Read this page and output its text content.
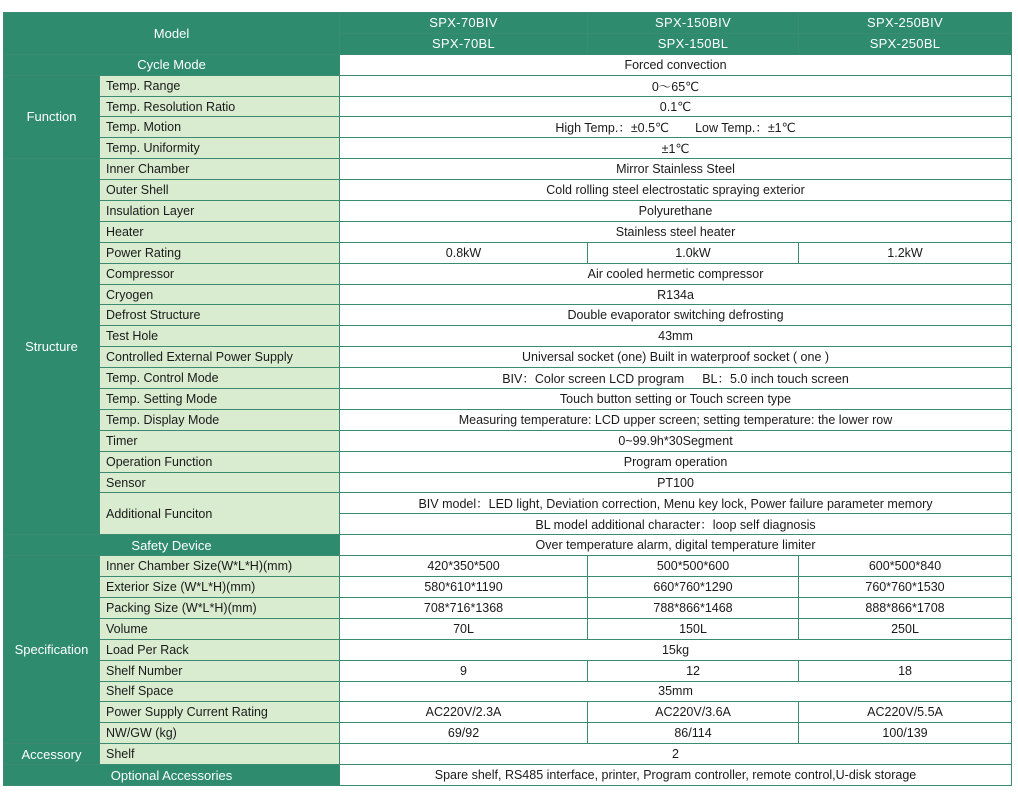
Model		SPX-70BIV	SPX-150BIV	SPX-250BIV
		SPX-70BL	SPX-150BL	SPX-250BL
Cycle Mode		Forced convection		
Function	Temp. Range	0～65℃		
	Temp. Resolution Ratio	0.1℃		
	Temp. Motion	High Temp.：±0.5℃ Low Temp.：±1℃		
	Temp. Uniformity	±1℃		
Structure	Inner Chamber	Mirror Stainless Steel		
	Outer Shell	Cold rolling steel electrostatic spraying exterior		
	Insulation Layer	Polyurethane		
	Heater	Stainless steel heater		
	Power Rating	0.8kW	1.0kW	1.2kW
	Compressor	Air cooled hermetic compressor		
	Cryogen	R134a		
	Defrost Structure	Double evaporator switching defrosting		
	Test Hole	43mm		
	Controlled External Power Supply	Universal socket (one) Built in waterproof socket ( one )		
	Temp. Control Mode	BIV：Color screen LCD program BL：5.0 inch touch screen		
	Temp. Setting Mode	Touch button setting or Touch screen type		
	Temp. Display Mode	Measuring temperature: LCD upper screen; setting temperature: the lower row		
	Timer	0~99.9h*30Segment		
	Operation Function	Program operation		
	Sensor	PT100		
	Additional Funciton	BIV model：LED light, Deviation correction, Menu key lock, Power failure parameter memory		
		BL model additional character：loop self diagnosis		
Safety Device		Over temperature alarm, digital temperature limiter		
Specification	Inner Chamber Size(W*L*H)(mm)	420*350*500	500*500*600	600*500*840
	Exterior Size (W*L*H)(mm)	580*610*1190	660*760*1290	760*760*1530
	Packing Size (W*L*H)(mm)	708*716*1368	788*866*1468	888*866*1708
	Volume	70L	150L	250L
	Load Per Rack	15kg		
	Shelf Number	9	12	18
	Shelf Space	35mm		
	Power Supply Current Rating	AC220V/2.3A	AC220V/3.6A	AC220V/5.5A
	NW/GW (kg)	69/92	86/114	100/139
Accessory	Shelf	2		
Optional Accessories		Spare shelf, RS485 interface, printer, Program controller, remote control,U-disk storage		
